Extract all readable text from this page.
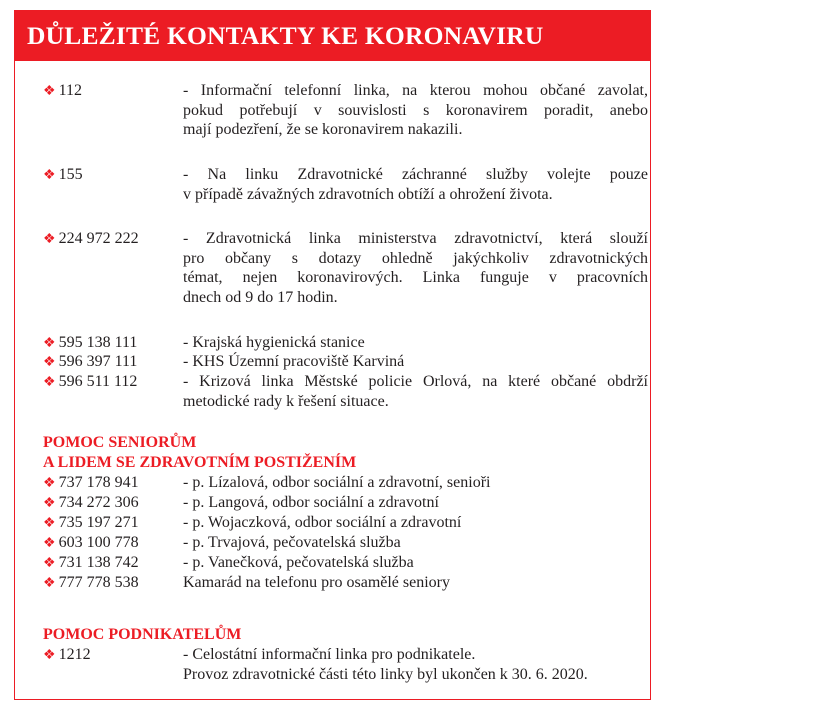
DŮLEŽITÉ KONTAKTY KE KORONAVIRU
❖ 112	- Informační telefonní linka, na kterou mohou občané zavolat,
pokud potřebují v souvislosti s koronavirem poradit, anebo
mají podezření, že se koronavirem nakazili.
❖ 155	- Na linku Zdravotnické záchranné služby volejte pouze
v případě závažných zdravotních obtíží a ohrožení života.
❖ 224 972 222	- Zdravotnická linka ministerstva zdravotnictví, která slouží
pro občany s dotazy ohledně jakýchkoliv zdravotnických
témat, nejen koronavirových. Linka funguje v pracovních
dnech od 9 do 17 hodin.
❖ 595 138 111	- Krajská hygienická stanice
❖ 596 397 111	- KHS Územní pracoviště Karviná
❖ 596 511 112	- Krizová linka Městské policie Orlová, na které občané obdrží
metodické rady k řešení situace.
POMOC SENIORŮM
A LIDEM SE ZDRAVOTNÍM POSTIŽENÍM
❖ 737 178 941	- p. Lízalová, odbor sociální a zdravotní, senioři
❖ 734 272 306	- p. Langová, odbor sociální a zdravotní
❖ 735 197 271	- p. Wojaczková, odbor sociální a zdravotní
❖ 603 100 778	- p. Trvajová, pečovatelská služba
❖ 731 138 742	- p. Vanečková, pečovatelská služba
❖ 777 778 538	Kamarád na telefonu pro osamělé seniory
POMOC PODNIKATELŮM
❖ 1212	- Celostátní informační linka pro podnikatele.
Provoz zdravotnické části této linky byl ukončen k 30. 6. 2020.
